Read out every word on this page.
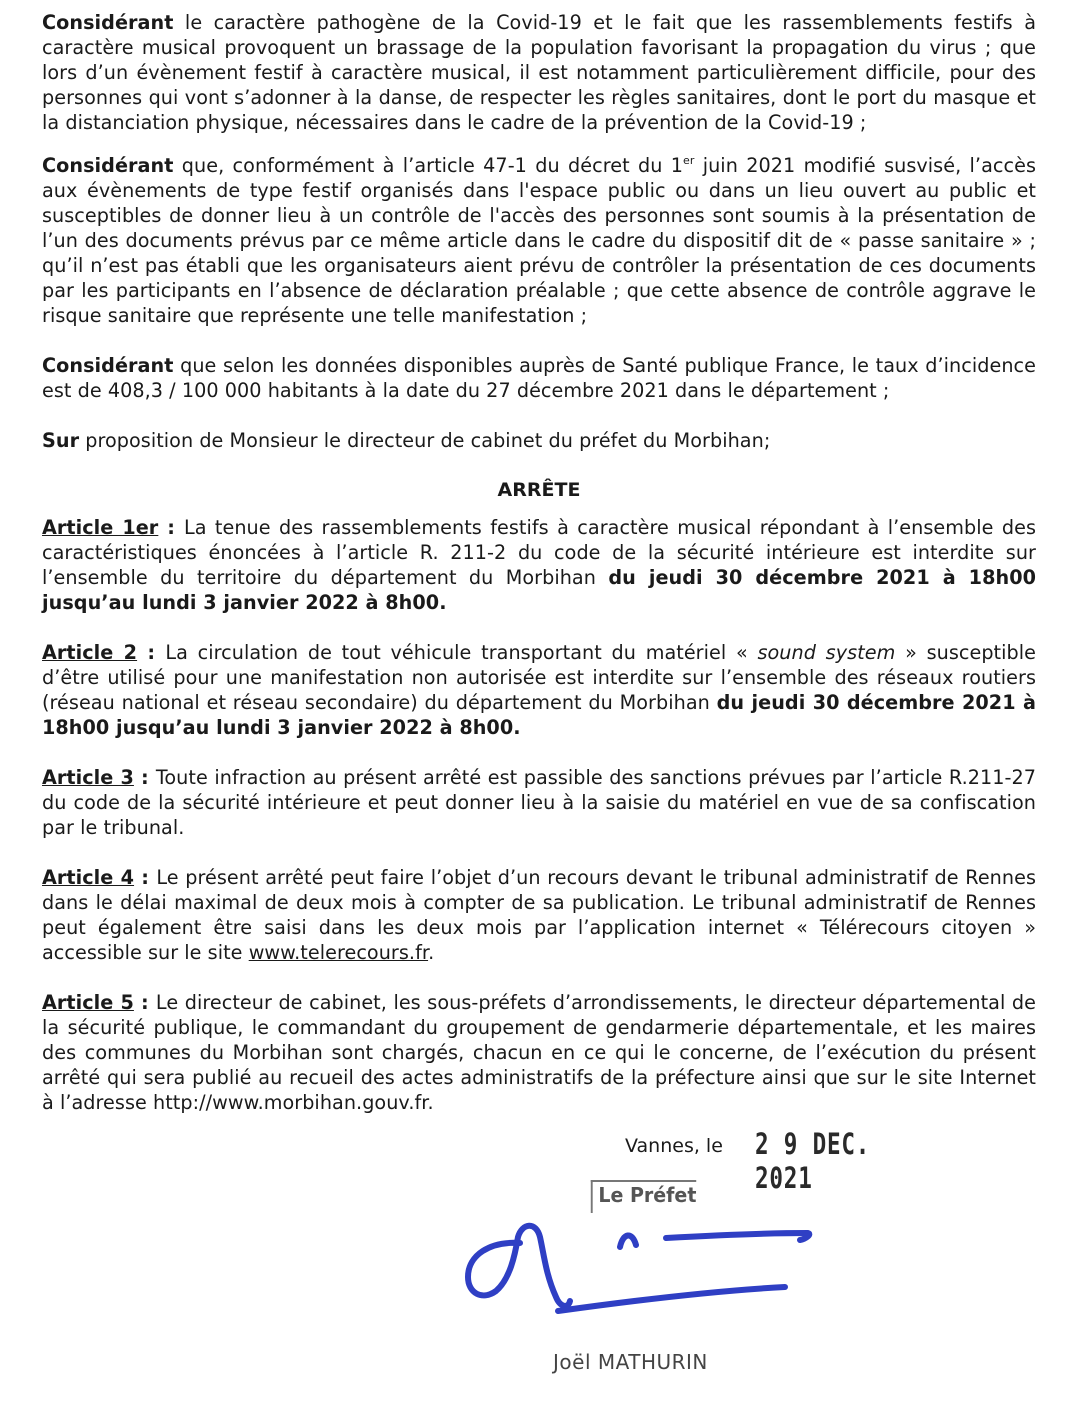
Considérant le caractère pathogène de la Covid-19 et le fait que les rassemblements festifs à caractère musical provoquent un brassage de la population favorisant la propagation du virus ; que lors d’un évènement festif à caractère musical, il est notamment particulièrement difficile, pour des personnes qui vont s’adonner à la danse, de respecter les règles sanitaires, dont le port du masque et la distanciation physique, nécessaires dans le cadre de la prévention de la Covid-19 ;

Considérant que, conformément à l’article 47-1 du décret du 1er juin 2021 modifié susvisé, l’accès aux évènements de type festif organisés dans l'espace public ou dans un lieu ouvert au public et susceptibles de donner lieu à un contrôle de l'accès des personnes sont soumis à la présentation de l’un des documents prévus par ce même article dans le cadre du dispositif dit de « passe sanitaire » ; qu’il n’est pas établi que les organisateurs aient prévu de contrôler la présentation de ces documents par les participants en l’absence de déclaration préalable ; que cette absence de contrôle aggrave le risque sanitaire que représente une telle manifestation ;

Considérant que selon les données disponibles auprès de Santé publique France, le taux d’incidence est de 408,3 / 100 000 habitants à la date du 27 décembre 2021 dans le département ;

Sur proposition de Monsieur le directeur de cabinet du préfet du Morbihan;

ARRÊTE

Article 1er : La tenue des rassemblements festifs à caractère musical répondant à l’ensemble des caractéristiques énoncées à l’article R. 211-2 du code de la sécurité intérieure est interdite sur l’ensemble du territoire du département du Morbihan du jeudi 30 décembre 2021 à 18h00 jusqu’au lundi 3 janvier 2022 à 8h00.

Article 2 : La circulation de tout véhicule transportant du matériel « sound system » susceptible d’être utilisé pour une manifestation non autorisée est interdite sur l’ensemble des réseaux routiers (réseau national et réseau secondaire) du département du Morbihan du jeudi 30 décembre 2021 à 18h00 jusqu’au lundi 3 janvier 2022 à 8h00.

Article 3 : Toute infraction au présent arrêté est passible des sanctions prévues par l’article R.211-27 du code de la sécurité intérieure et peut donner lieu à la saisie du matériel en vue de sa confiscation par le tribunal.

Article 4 : Le présent arrêté peut faire l’objet d’un recours devant le tribunal administratif de Rennes dans le délai maximal de deux mois à compter de sa publication. Le tribunal administratif de Rennes peut également être saisi dans les deux mois par l’application internet « Télérecours citoyen » accessible sur le site www.telerecours.fr.

Article 5 : Le directeur de cabinet, les sous-préfets d’arrondissements, le directeur départemental de la sécurité publique, le commandant du groupement de gendarmerie départementale, et les maires des communes du Morbihan sont chargés, chacun en ce qui le concerne, de l’exécution du présent arrêté qui sera publié au recueil des actes administratifs de la préfecture ainsi que sur le site Internet à l’adresse http://www.morbihan.gouv.fr.

Vannes, le 2 9 DEC. 2021
Le Préfet
Joël MATHURIN
